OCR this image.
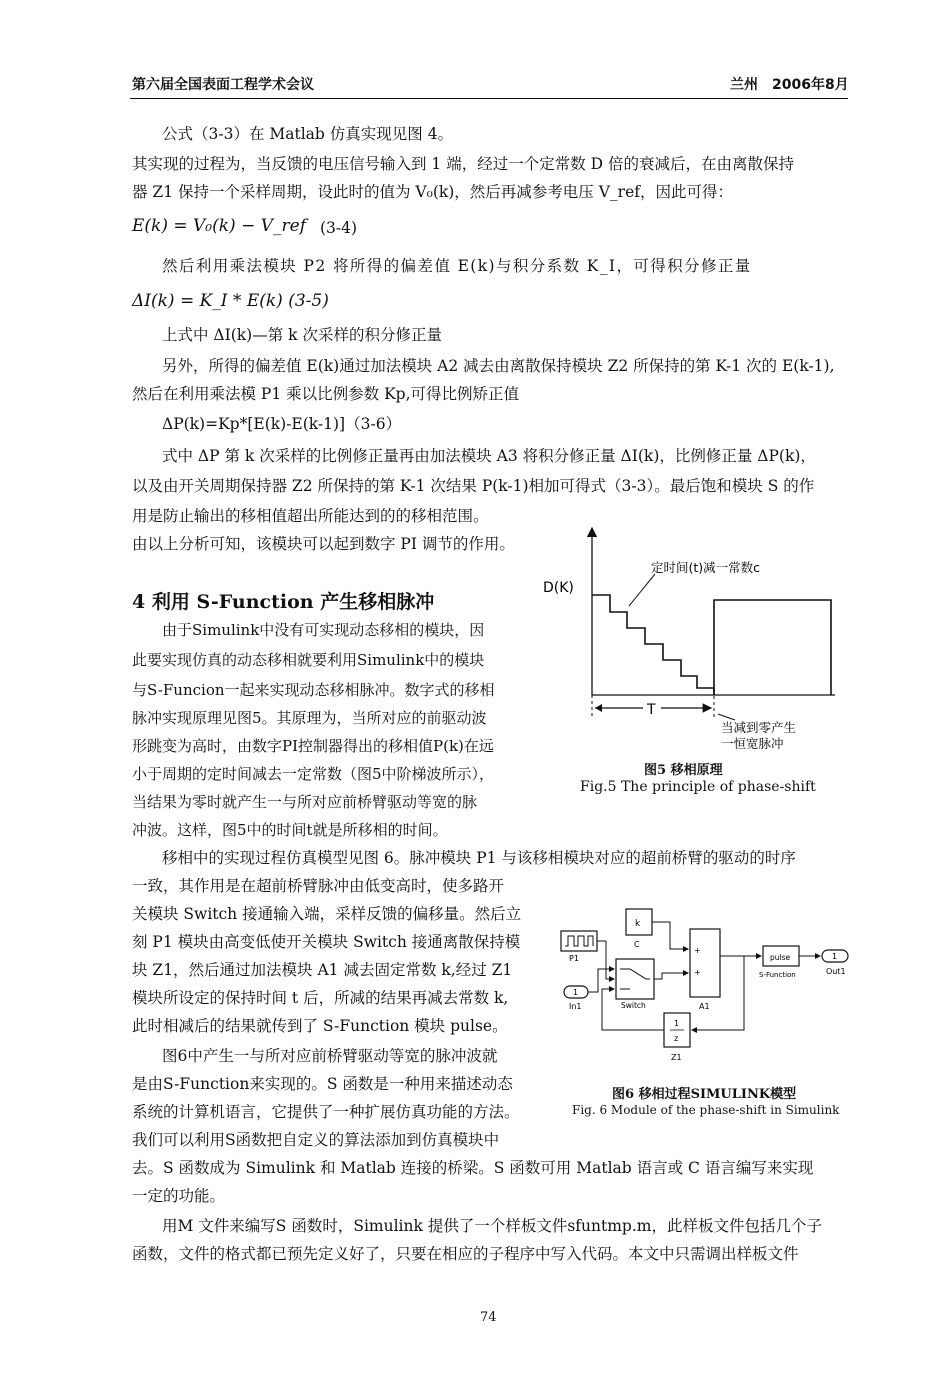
第六届全国表面工程学术会议	兰州　2006年8月
公式（3-3）在 Matlab 仿真实现见图 4。
其实现的过程为，当反馈的电压信号输入到 1 端，经过一个定常数 D 倍的衰减后，在由离散保持
器 Z1 保持一个采样周期，设此时的值为 V₀(k)，然后再减参考电压 V_ref，因此可得：
E(k) = V₀(k) − V_ref (3-4)
然后利用乘法模块 P2 将所得的偏差值 E(k)与积分系数 K_I，可得积分修正量
ΔI(k) = K_I * E(k) (3-5)
上式中 ΔI(k)—第 k 次采样的积分修正量
另外，所得的偏差值 E(k)通过加法模块 A2 减去由离散保持模块 Z2 所保持的第 K-1 次的 E(k-1),
然后在利用乘法模 P1 乘以比例参数 Kp,可得比例矫正值
ΔP(k)=Kp*[E(k)-E(k-1)]（3-6）
式中 ΔP 第 k 次采样的比例修正量再由加法模块 A3 将积分修正量 ΔI(k)，比例修正量 ΔP(k)，
以及由开关周期保持器 Z2 所保持的第 K-1 次结果 P(k-1)相加可得式（3-3）。最后饱和模块 S 的作
用是防止输出的移相值超出所能达到的的移相范围。
由以上分析可知，该模块可以起到数字 PI 调节的作用。
4 利用 S-Function 产生移相脉冲
由于Simulink中没有可实现动态移相的模块，因
此要实现仿真的动态移相就要利用Simulink中的模块
与S-Funcion一起来实现动态移相脉冲。数字式的移相
脉冲实现原理见图5。其原理为，当所对应的前驱动波
形跳变为高时，由数字PI控制器得出的移相值P(k)在远
小于周期的定时间减去一定常数（图5中阶梯波所示），
当结果为零时就产生一与所对应前桥臂驱动等宽的脉
冲波。这样，图5中的时间t就是所移相的时间。
移相中的实现过程仿真模型见图 6。脉冲模块 P1 与该移相模块对应的超前桥臂的驱动的时序
一致，其作用是在超前桥臂脉冲由低变高时，使多路开
关模块 Switch 接通输入端，采样反馈的偏移量。然后立
刻 P1 模块由高变低使开关模块 Switch 接通离散保持模
块 Z1，然后通过加法模块 A1 减去固定常数 k,经过 Z1
模块所设定的保持时间 t 后，所减的结果再减去常数 k,
此时相减后的结果就传到了 S-Function 模块 pulse。
图6中产生一与所对应前桥臂驱动等宽的脉冲波就
是由S-Function来实现的。S 函数是一种用来描述动态
系统的计算机语言，它提供了一种扩展仿真功能的方法。
我们可以利用S函数把自定义的算法添加到仿真模块中
去。S 函数成为 Simulink 和 Matlab 连接的桥梁。S 函数可用 Matlab 语言或 C 语言编写来实现
一定的功能。
用M 文件来编写S 函数时，Simulink 提供了一个样板文件sfuntmp.m，此样板文件包括几个子
函数，文件的格式都已预先定义好了，只要在相应的子程序中写入代码。本文中只需调出样板文件
T
定时间(t)减一常数c
D(K)
当减到零产生
一恒宽脉冲
图5 移相原理
Fig.5 The principle of phase-shift
P1
k
C
1
In1	Switch
+
+
A1
pulse
S-Function
1
Out1
1
z
Z1
图6 移相过程SIMULINK模型
Fig. 6 Module of the phase-shift in Simulink
74
